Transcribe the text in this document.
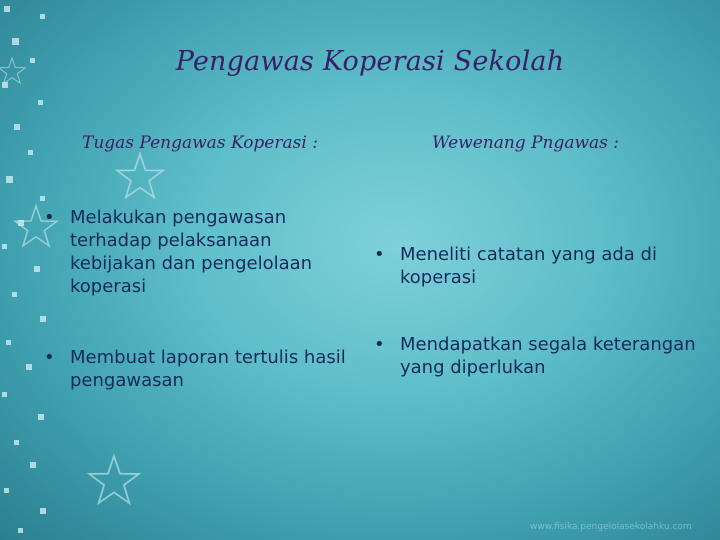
Pengawas Koperasi Sekolah
Tugas Pengawas Koperasi :	Wewenang Pngawas :
• Melakukan pengawasan terhadap pelaksanaan kebijakan dan pengelolaan koperasi
• Membuat laporan tertulis hasil pengawasan
• Meneliti catatan yang ada di koperasi
• Mendapatkan segala keterangan yang diperlukan
www.fisika.pengelolasekolahku.com
